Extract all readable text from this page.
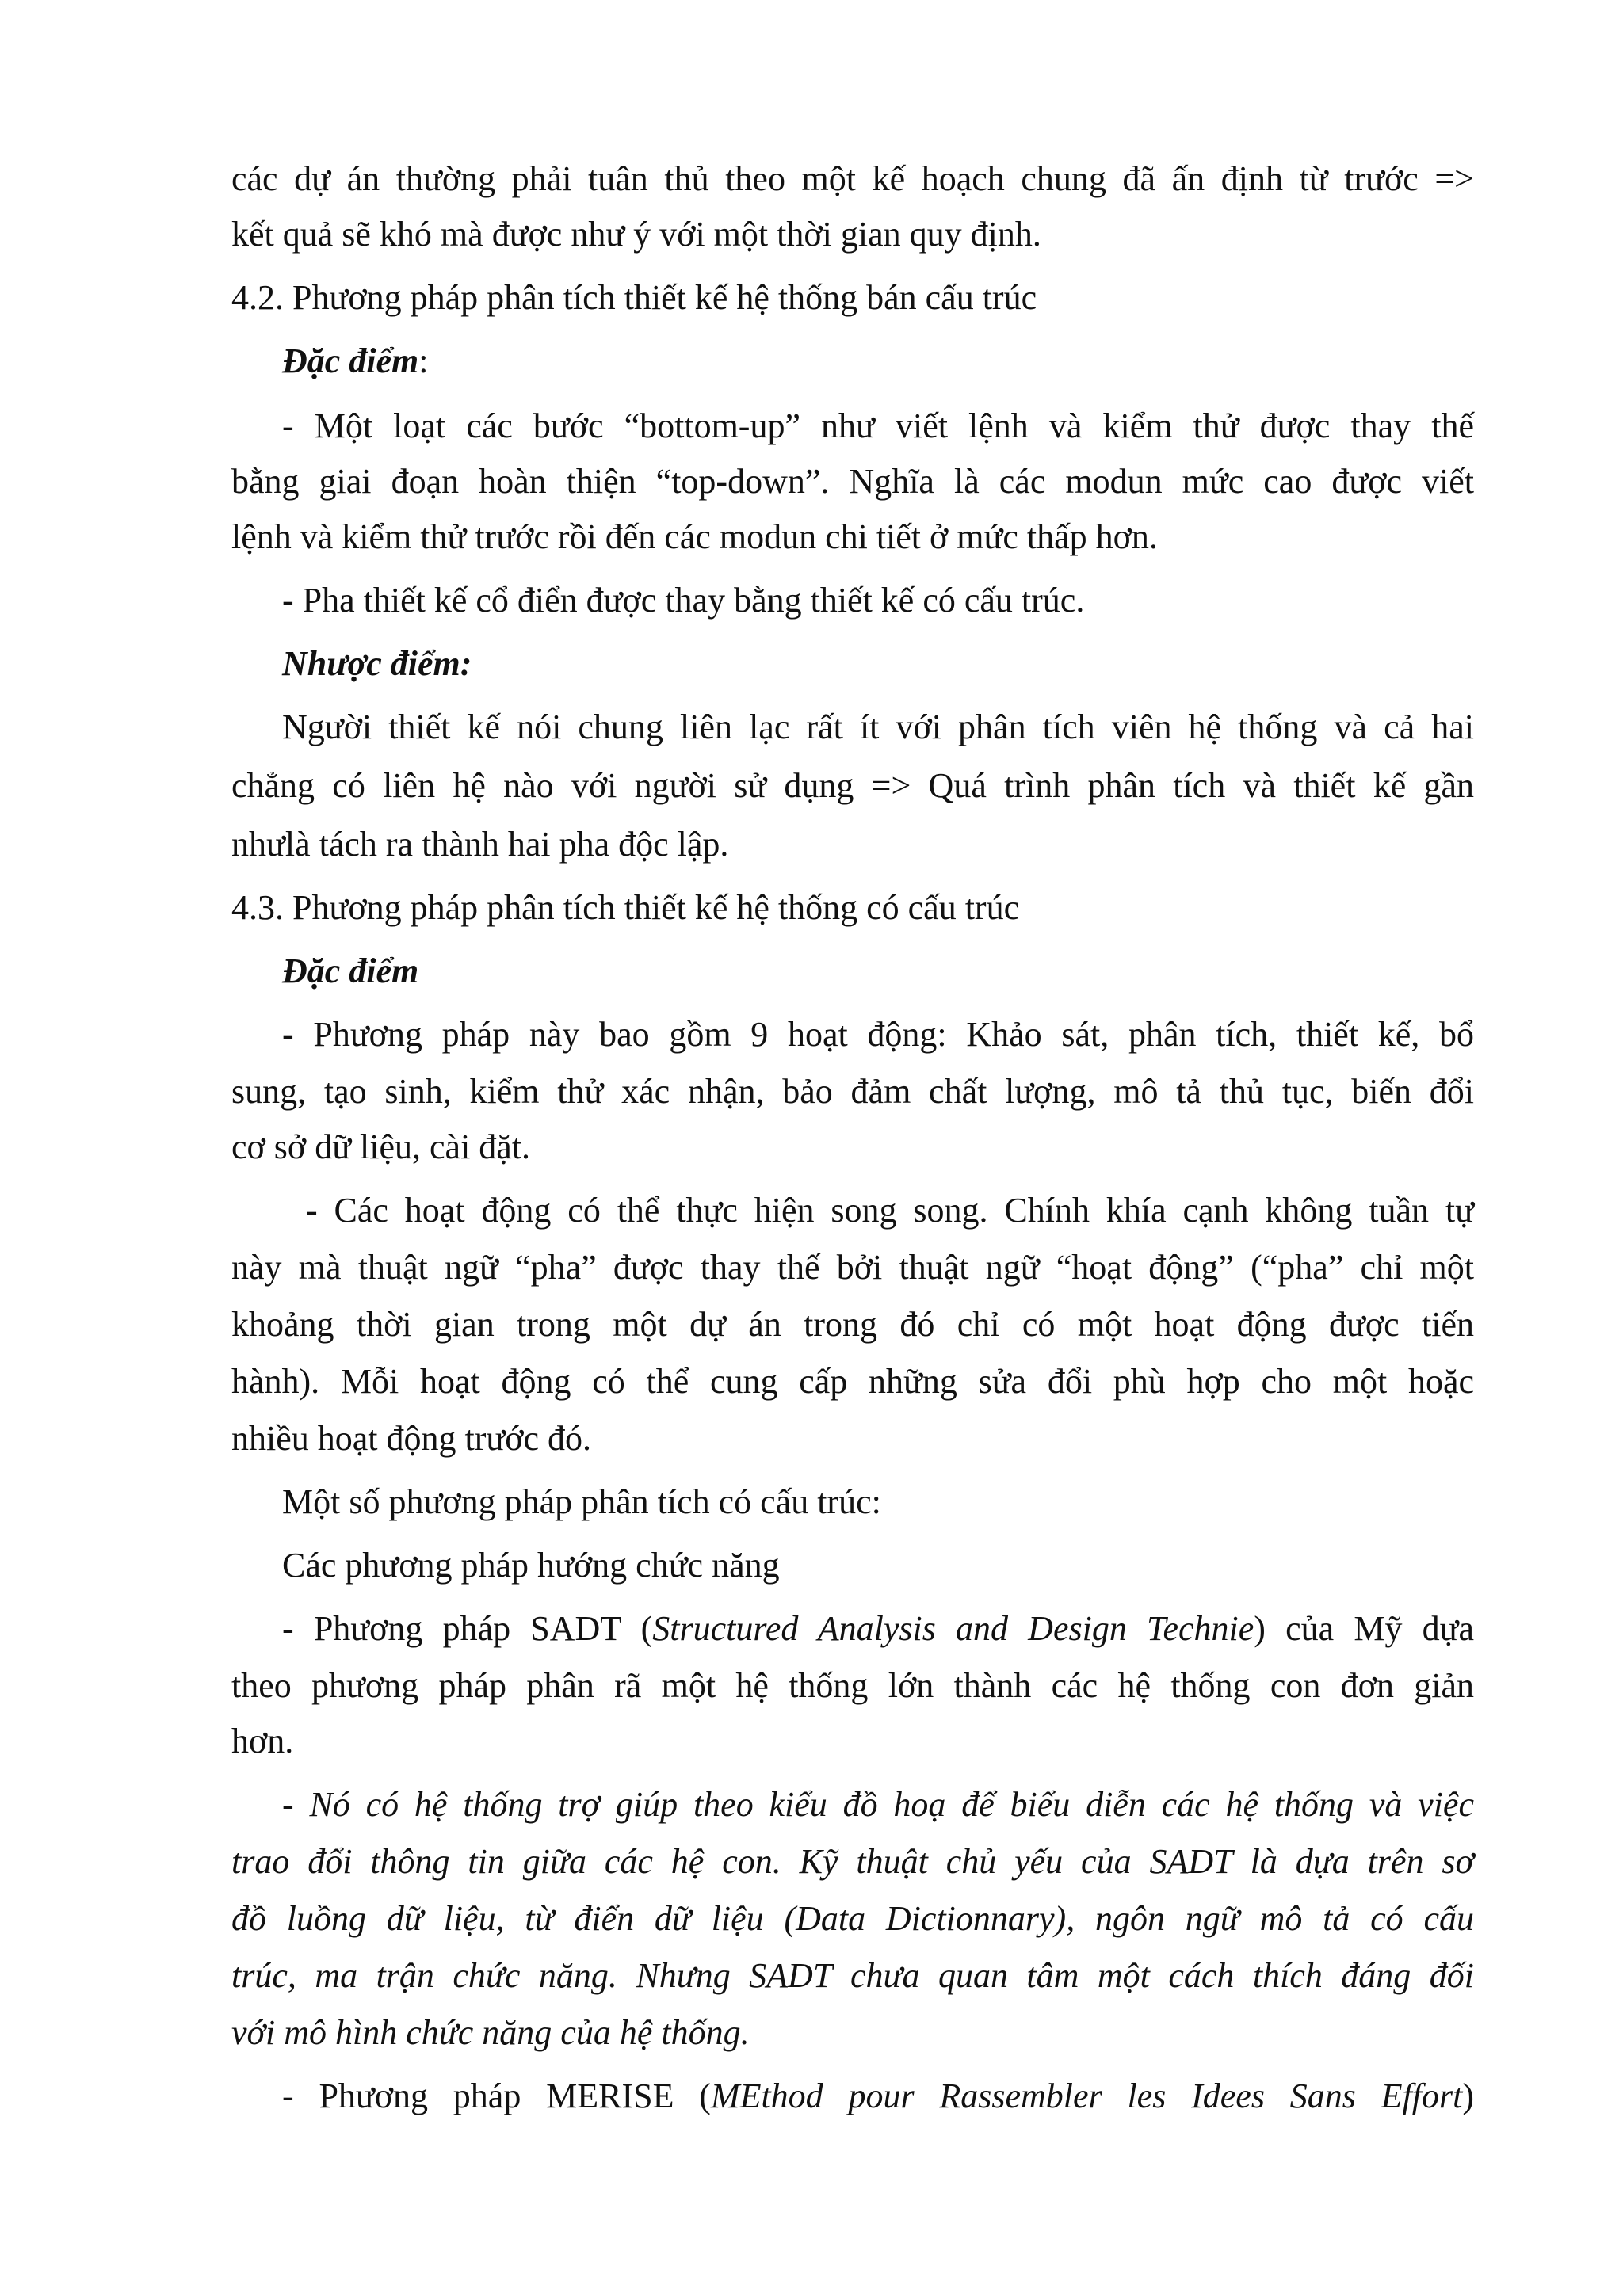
các dự án thường phải tuân thủ theo một kế hoạch chung đã ấn định từ trước =>
kết quả sẽ khó mà được như ý với một thời gian quy định.
4.2. Phương pháp phân tích thiết kế hệ thống bán cấu trúc
Đặc điểm:
- Một loạt các bước “bottom-up” như viết lệnh và kiểm thử được thay thế
bằng giai đoạn hoàn thiện “top-down”. Nghĩa là các modun mức cao được viết
lệnh và kiểm thử trước rồi đến các modun chi tiết ở mức thấp hơn.
- Pha thiết kế cổ điển được thay bằng thiết kế có cấu trúc.
Nhược điểm:
Người thiết kế nói chung liên lạc rất ít với phân tích viên hệ thống và cả hai
chẳng có liên hệ nào với người sử dụng => Quá trình phân tích và thiết kế gần
nhưlà tách ra thành hai pha độc lập.
4.3. Phương pháp phân tích thiết kế hệ thống có cấu trúc
Đặc điểm
- Phương pháp này bao gồm 9 hoạt động: Khảo sát, phân tích, thiết kế, bổ
sung, tạo sinh, kiểm thử xác nhận, bảo đảm chất lượng, mô tả thủ tục, biến đổi
cơ sở dữ liệu, cài đặt.
- Các hoạt động có thể thực hiện song song. Chính khía cạnh không tuần tự
này mà thuật ngữ “pha” được thay thế bởi thuật ngữ “hoạt động” (“pha” chỉ một
khoảng thời gian trong một dự án trong đó chỉ có một hoạt động được tiến
hành). Mỗi hoạt động có thể cung cấp những sửa đổi phù hợp cho một hoặc
nhiều hoạt động trước đó.
Một số phương pháp phân tích có cấu trúc:
Các phương pháp hướng chức năng
- Phương pháp SADT (Structured Analysis and Design Technie) của Mỹ dựa
theo phương pháp phân rã một hệ thống lớn thành các hệ thống con đơn giản
hơn.
- Nó có hệ thống trợ giúp theo kiểu đồ hoạ để biểu diễn các hệ thống và việc
trao đổi thông tin giữa các hệ con. Kỹ thuật chủ yếu của SADT là dựa trên sơ
đồ luồng dữ liệu, từ điển dữ liệu (Data Dictionnary), ngôn ngữ mô tả có cấu
trúc, ma trận chức năng. Nhưng SADT chưa quan tâm một cách thích đáng đối
với mô hình chức năng của hệ thống.
- Phương pháp MERISE (MEthod pour Rassembler les Idees Sans Effort)
